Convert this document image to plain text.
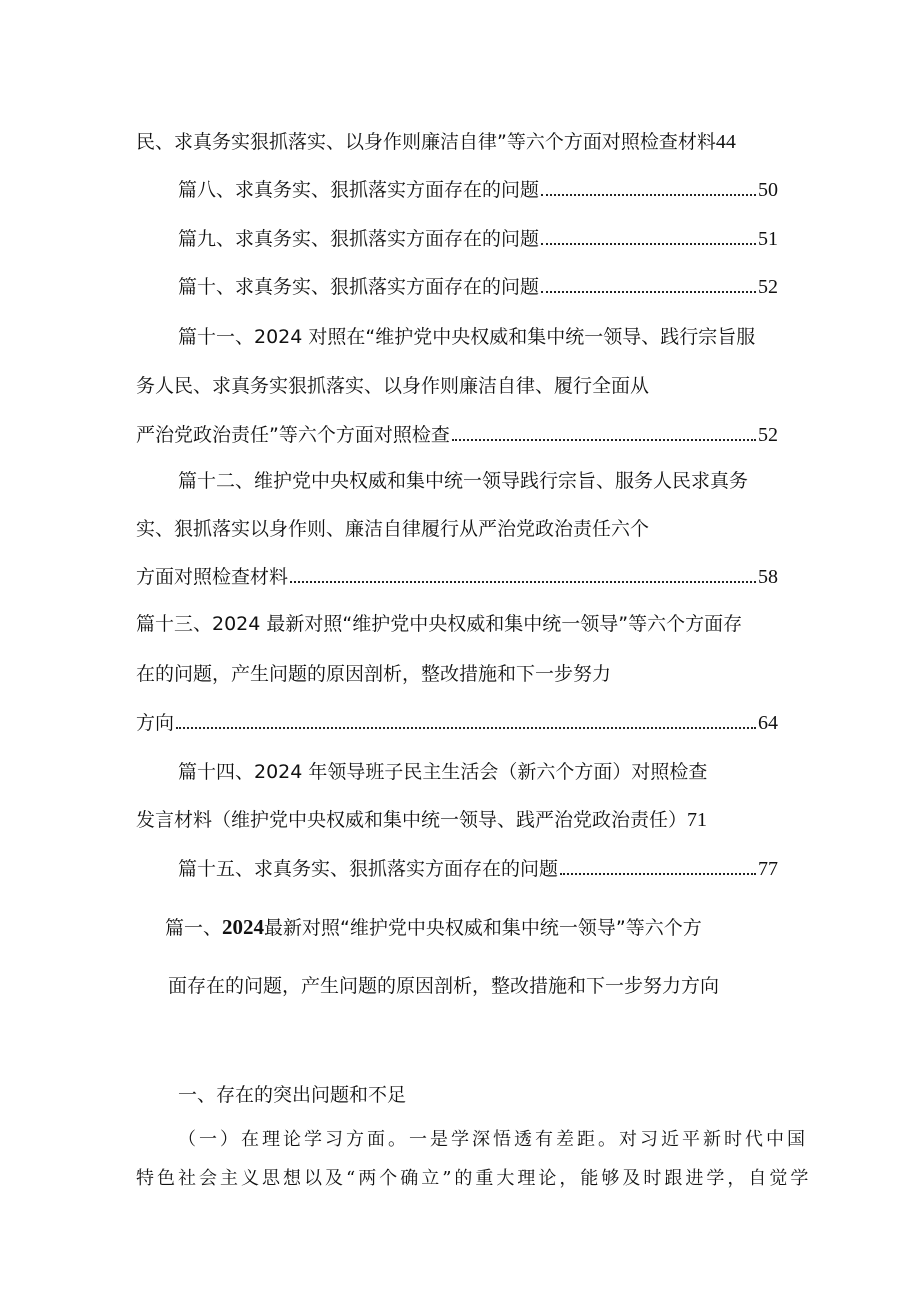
民、求真务实狠抓落实、以身作则廉洁自律”等六个方面对照检查材料44
篇八、求真务实、狠抓落实方面存在的问题	50
篇九、求真务实、狠抓落实方面存在的问题	51
篇十、求真务实、狠抓落实方面存在的问题	52
篇十一、2024 对照在“维护党中央权威和集中统一领导、践行宗旨服
务人民、求真务实狠抓落实、以身作则廉洁自律、履行全面从
严治党政治责任”等六个方面对照检查	52
篇十二、维护党中央权威和集中统一领导践行宗旨、服务人民求真务
实、狠抓落实以身作则、廉洁自律履行从严治党政治责任六个
方面对照检查材料	58
篇十三、2024 最新对照“维护党中央权威和集中统一领导”等六个方面存
在的问题，产生问题的原因剖析，整改措施和下一步努力
方向	64
篇十四、2024 年领导班子民主生活会（新六个方面）对照检查
发言材料（维护党中央权威和集中统一领导、践严治党政治责任）71
篇十五、求真务实、狠抓落实方面存在的问题	77
篇一、2024最新对照“维护党中央权威和集中统一领导”等六个方
面存在的问题，产生问题的原因剖析，整改措施和下一步努力方向
一、存在的突出问题和不足
（一）在理论学习方面。一是学深悟透有差距。对习近平新时代中国
特色社会主义思想以及“两个确立”的重大理论，能够及时跟进学，自觉学
